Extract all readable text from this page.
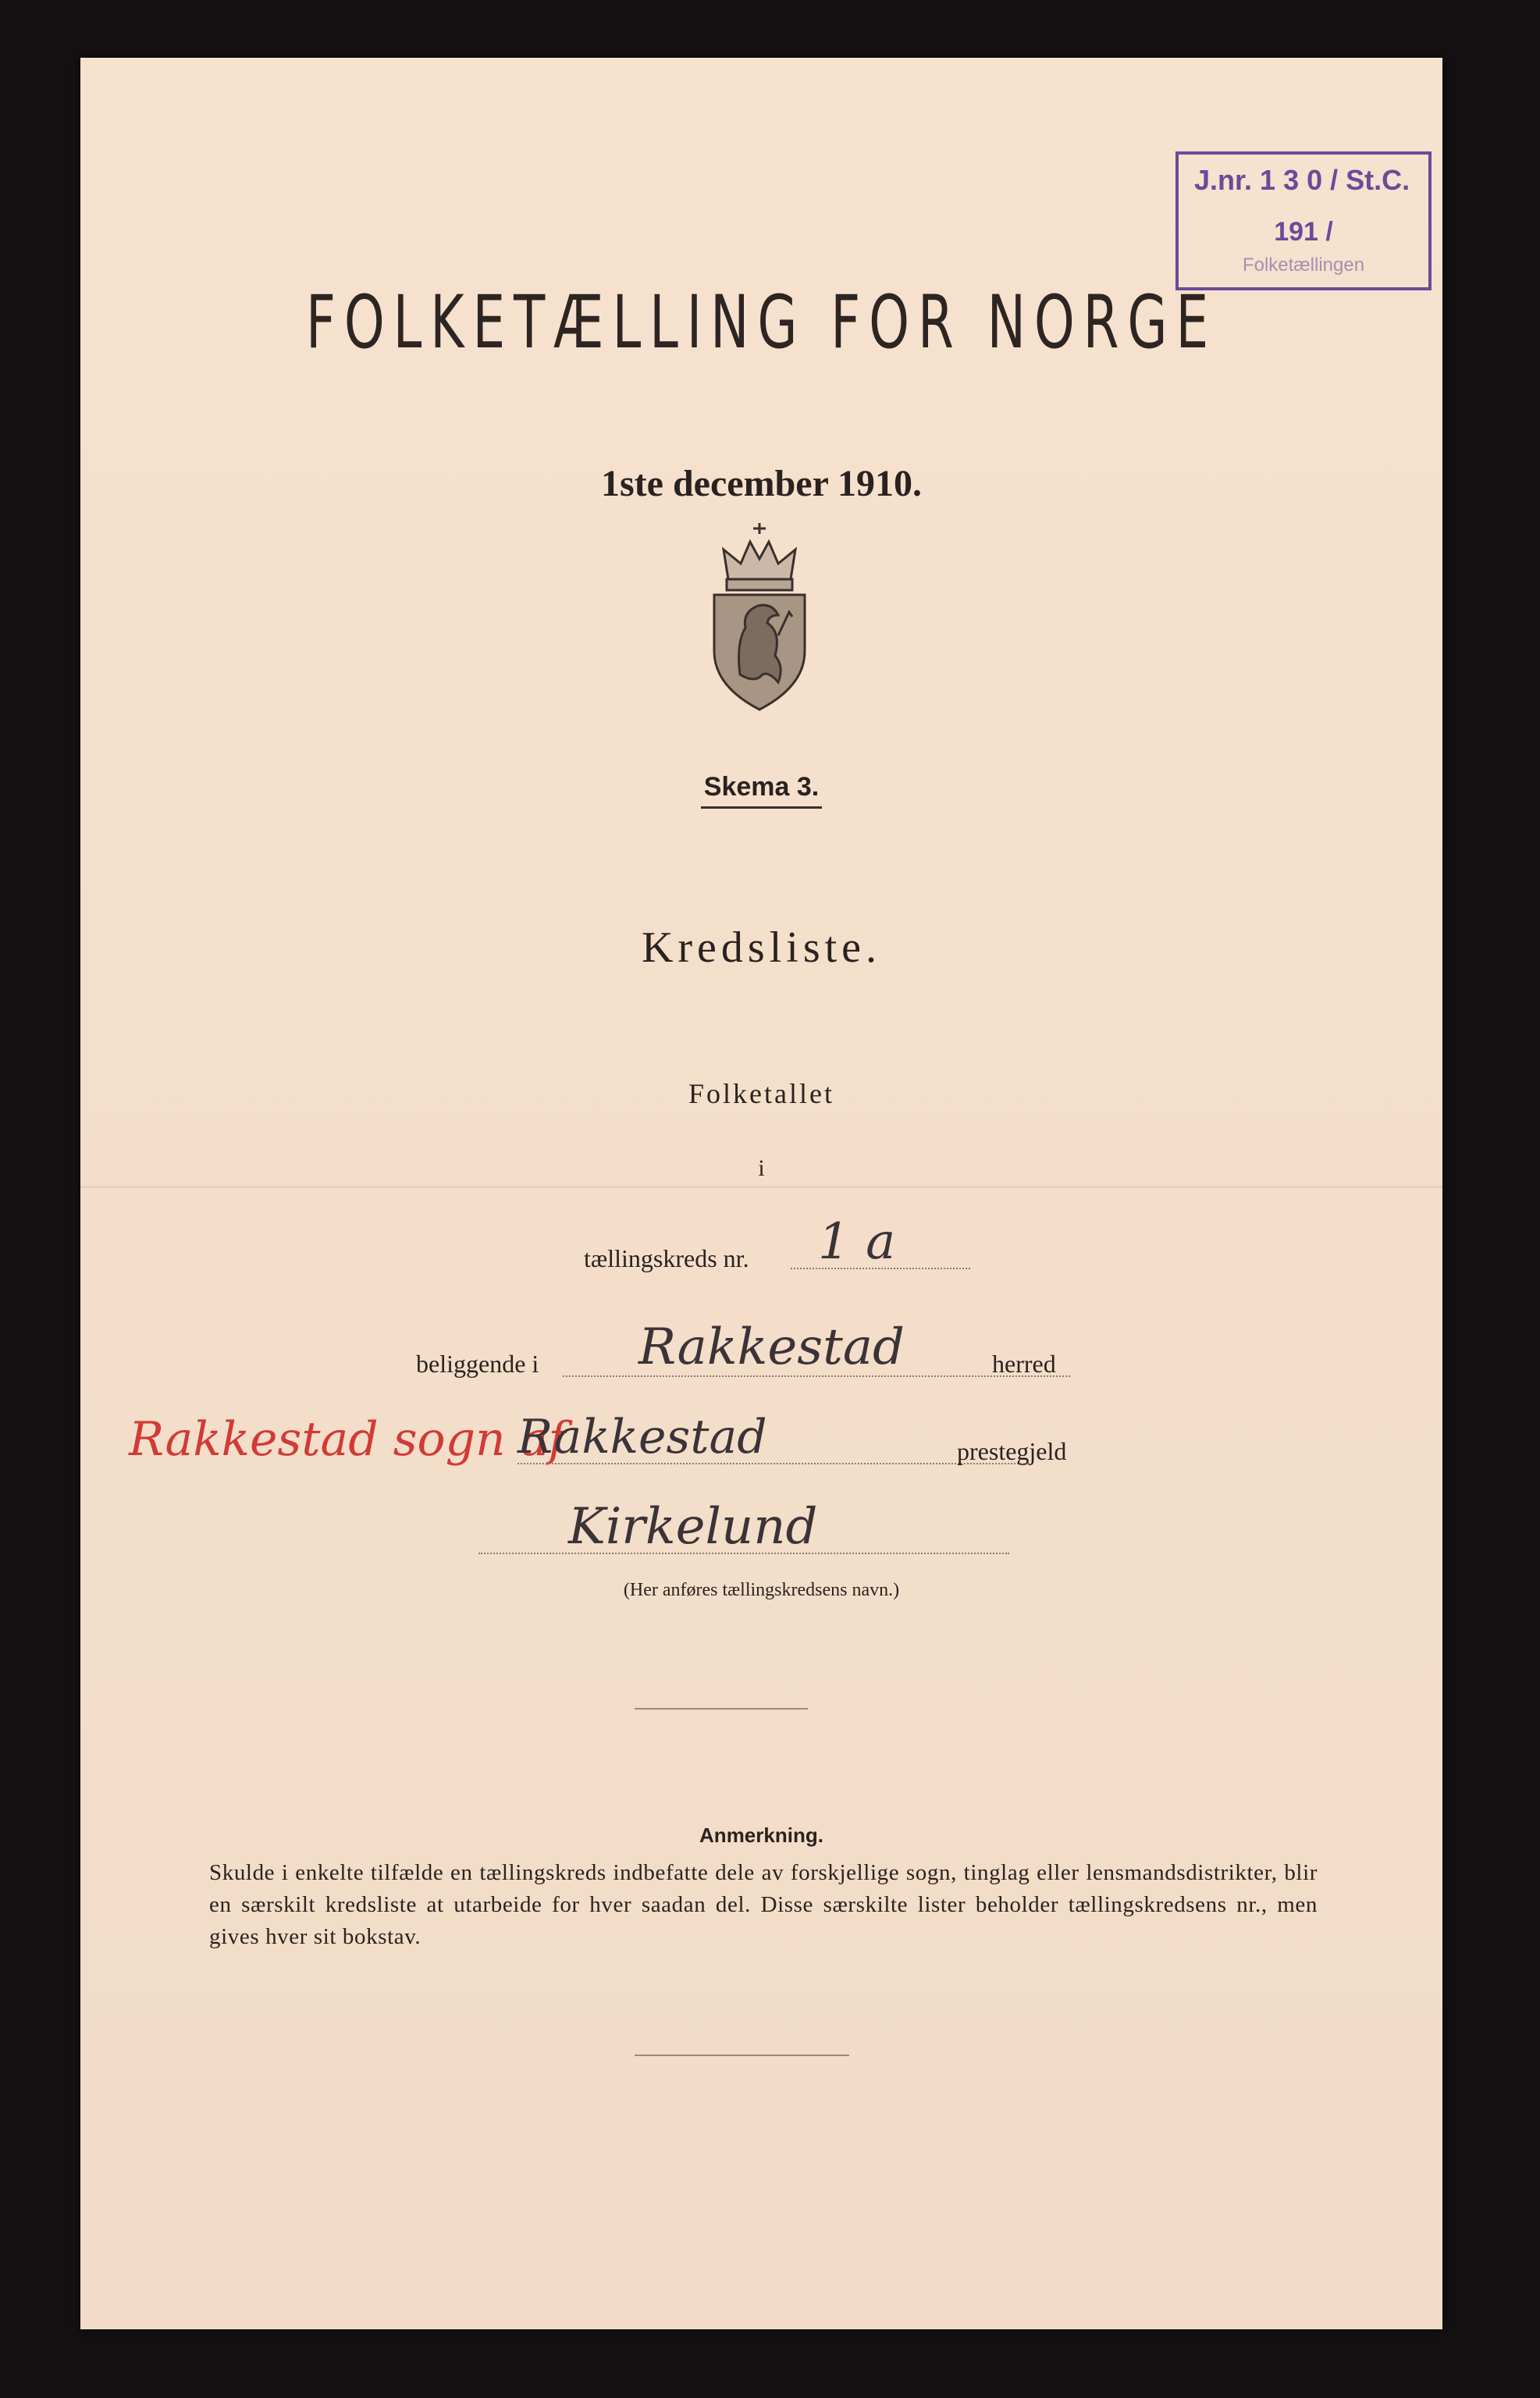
J.nr. 1 3 0 / St.C.
191 /
Folketællingen
FOLKETÆLLING FOR NORGE
1ste december 1910.
Skema 3.
Kredsliste.
Folketallet
i
tællingskreds nr. 1 a
beliggende i Rakkestad	herred
Rakkestad sogn af
Rakkestad	prestegjeld
Kirkelund
(Her anføres tællingskredsens navn.)
Anmerkning.
Skulde i enkelte tilfælde en tællingskreds indbefatte dele av forskjellige sogn, tinglag eller lensmandsdistrikter, blir en særskilt kredsliste at utarbeide for hver saadan del. Disse særskilte lister beholder tællingskredsens nr., men gives hver sit bokstav.
